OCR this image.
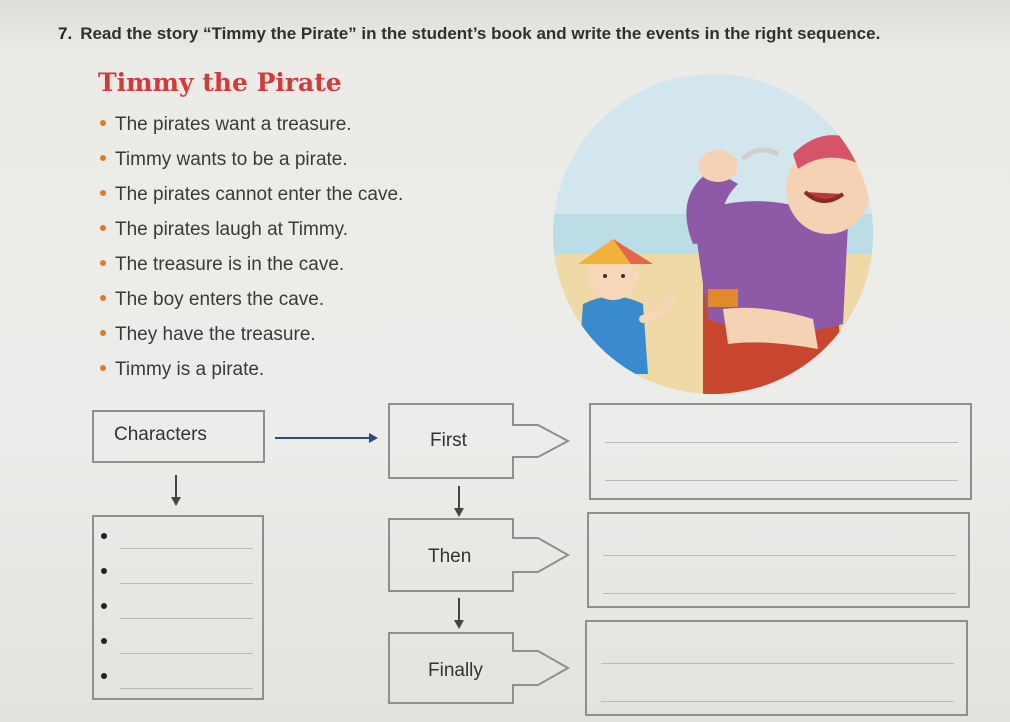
7. Read the story “Timmy the Pirate” in the student’s book and write the events in the right sequence.
Timmy the Pirate
The pirates want a treasure.
Timmy wants to be a pirate.
The pirates cannot enter the cave.
The pirates laugh at Timmy.
The treasure is in the cave.
The boy enters the cave.
They have the treasure.
Timmy is a pirate.
Characters	First
Then
Finally
